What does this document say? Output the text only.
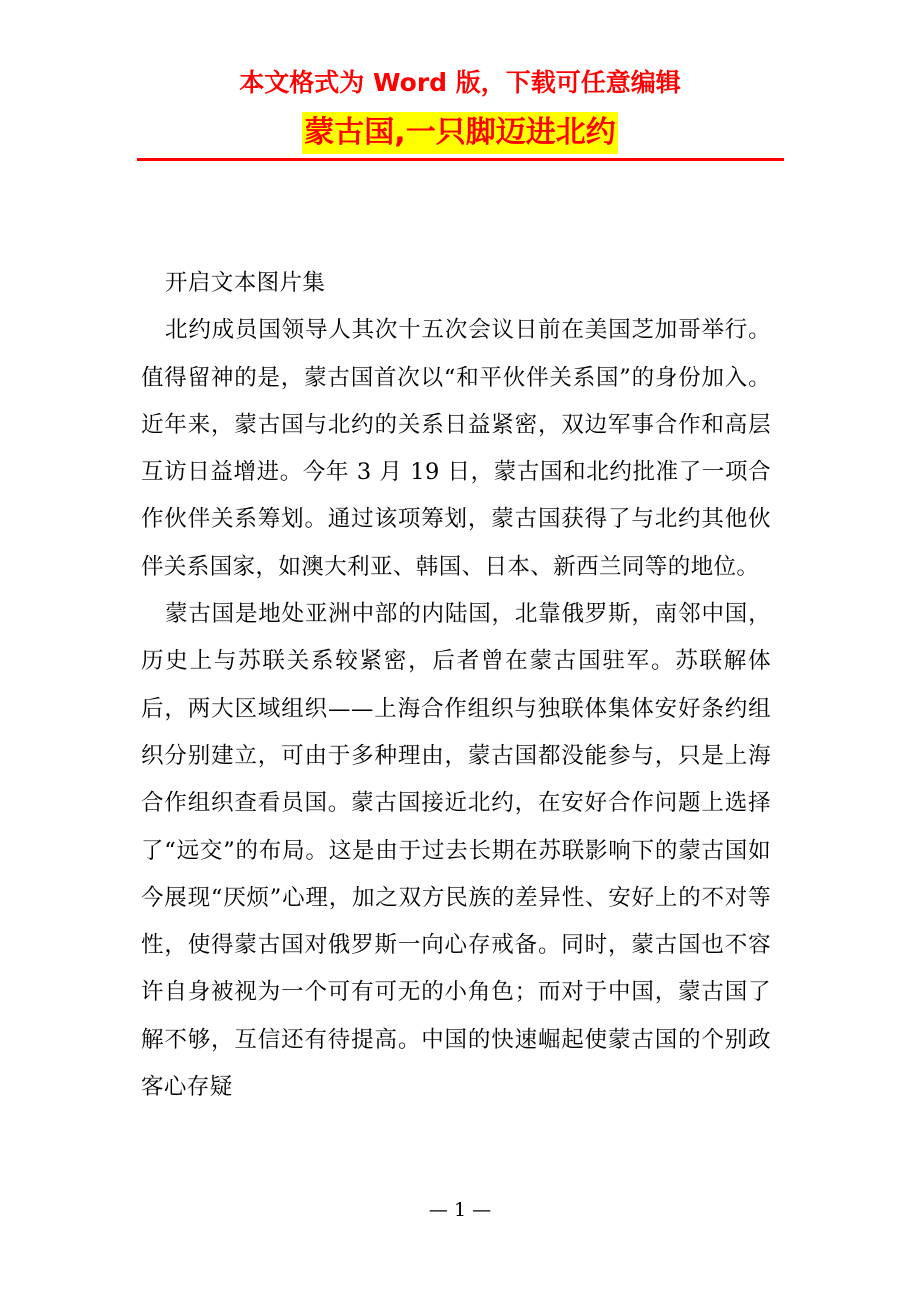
本文格式为 Word 版，下载可任意编辑
蒙古国,一只脚迈进北约

开启文本图片集

北约成员国领导人其次十五次会议日前在美国芝加哥举行。值得留神的是，蒙古国首次以“和平伙伴关系国”的身份加入。近年来，蒙古国与北约的关系日益紧密，双边军事合作和高层互访日益增进。今年 3 月 19 日，蒙古国和北约批准了一项合作伙伴关系筹划。通过该项筹划，蒙古国获得了与北约其他伙伴关系国家，如澳大利亚、韩国、日本、新西兰同等的地位。

蒙古国是地处亚洲中部的内陆国，北靠俄罗斯，南邻中国，历史上与苏联关系较紧密，后者曾在蒙古国驻军。苏联解体后，两大区域组织——上海合作组织与独联体集体安好条约组织分别建立，可由于多种理由，蒙古国都没能参与，只是上海合作组织查看员国。蒙古国接近北约，在安好合作问题上选择了“远交”的布局。这是由于过去长期在苏联影响下的蒙古国如今展现“厌烦”心理，加之双方民族的差异性、安好上的不对等性，使得蒙古国对俄罗斯一向心存戒备。同时，蒙古国也不容许自身被视为一个可有可无的小角色；而对于中国，蒙古国了解不够，互信还有待提高。中国的快速崛起使蒙古国的个别政客心存疑

— 1 —
